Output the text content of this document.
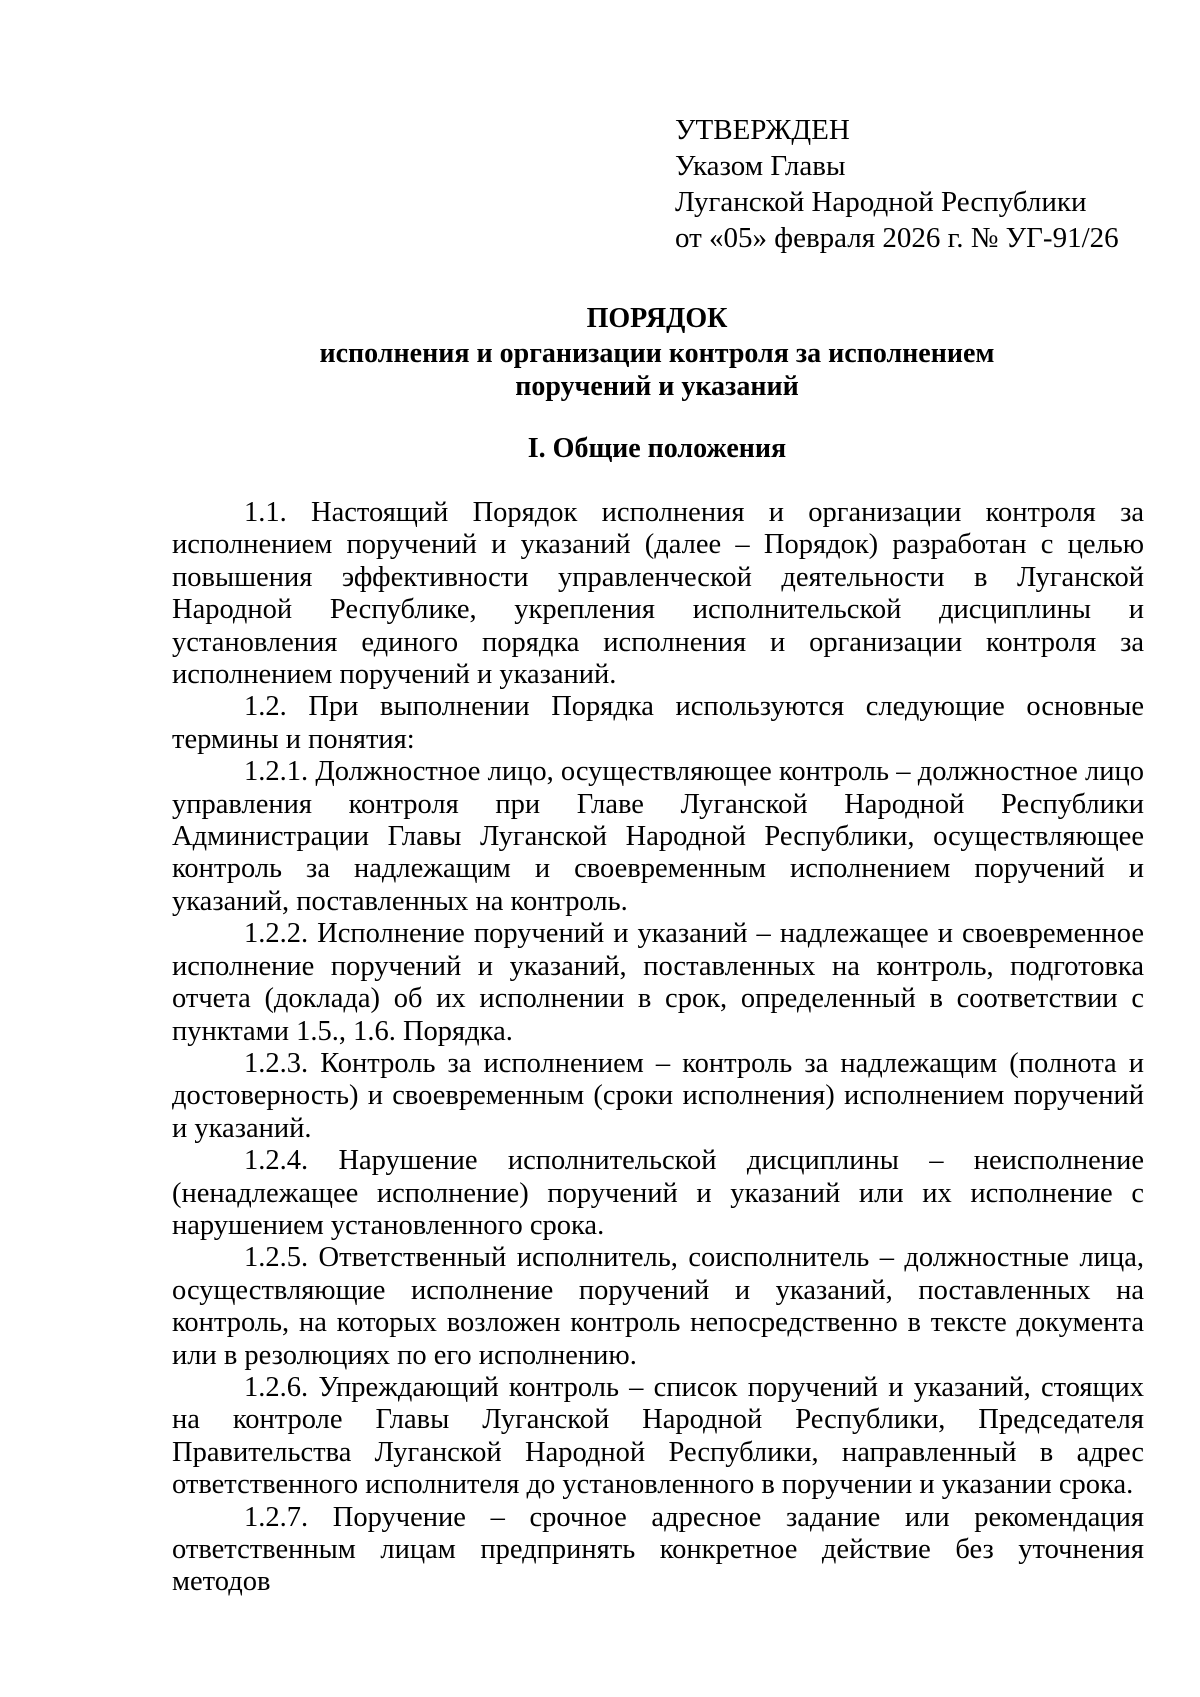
УТВЕРЖДЕН
Указом Главы
Луганской Народной Республики
от «05» февраля 2026 г. № УГ-91/26
ПОРЯДОК
исполнения и организации контроля за исполнением
поручений и указаний
I. Общие положения

1.1. Настоящий Порядок исполнения и организации контроля за исполнением поручений и указаний (далее – Порядок) разработан с целью повышения эффективности управленческой деятельности в Луганской Народной Республике, укрепления исполнительской дисциплины и установления единого порядка исполнения и организации контроля за исполнением поручений и указаний.

1.2. При выполнении Порядка используются следующие основные термины и понятия:

1.2.1. Должностное лицо, осуществляющее контроль – должностное лицо управления контроля при Главе Луганской Народной Республики Администрации Главы Луганской Народной Республики, осуществляющее контроль за надлежащим и своевременным исполнением поручений и указаний, поставленных на контроль.

1.2.2. Исполнение поручений и указаний – надлежащее и своевременное исполнение поручений и указаний, поставленных на контроль, подготовка отчета (доклада) об их исполнении в срок, определенный в соответствии с пунктами 1.5., 1.6. Порядка.

1.2.3. Контроль за исполнением – контроль за надлежащим (полнота и достоверность) и своевременным (сроки исполнения) исполнением поручений и указаний.

1.2.4. Нарушение исполнительской дисциплины – неисполнение (ненадлежащее исполнение) поручений и указаний или их исполнение с нарушением установленного срока.

1.2.5. Ответственный исполнитель, соисполнитель – должностные лица, осуществляющие исполнение поручений и указаний, поставленных на контроль, на которых возложен контроль непосредственно в тексте документа или в резолюциях по его исполнению.

1.2.6. Упреждающий контроль – список поручений и указаний, стоящих на контроле Главы Луганской Народной Республики, Председателя Правительства Луганской Народной Республики, направленный в адрес ответственного исполнителя до установленного в поручении и указании срока.

1.2.7. Поручение – срочное адресное задание или рекомендация ответственным лицам предпринять конкретное действие без уточнения методов
